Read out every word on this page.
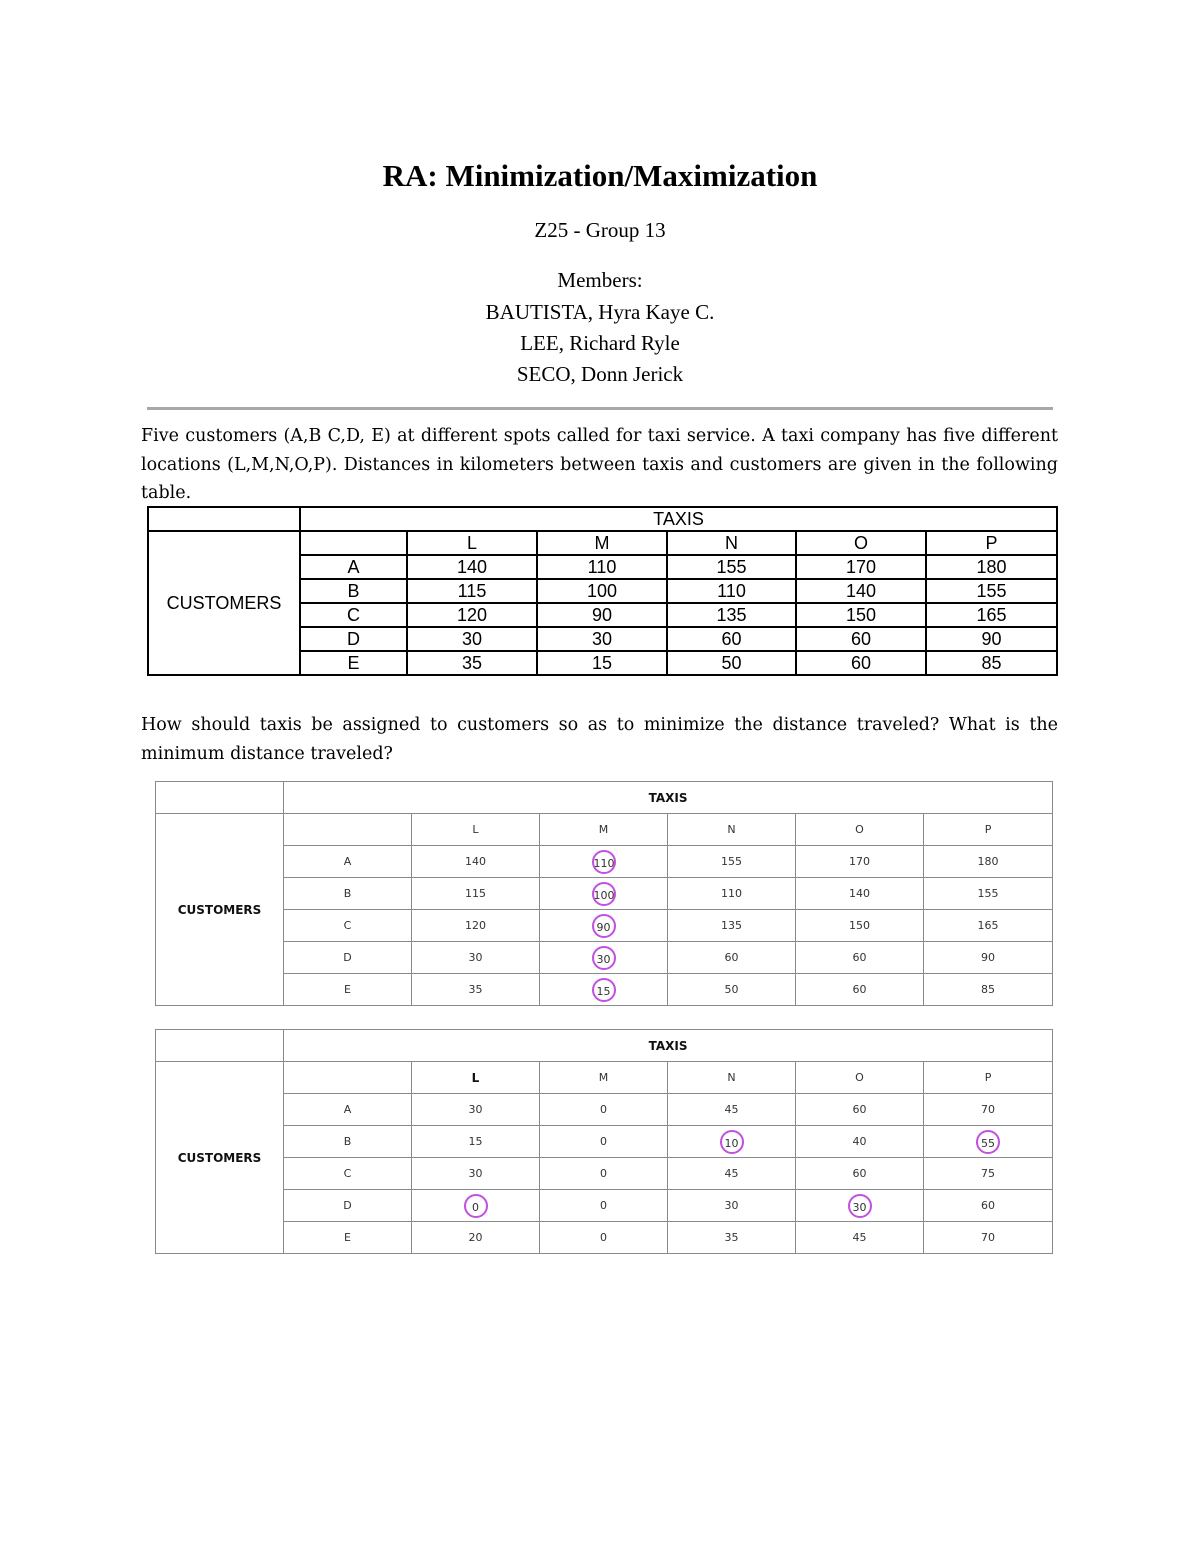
RA: Minimization/Maximization
Z25 - Group 13
Members:
BAUTISTA, Hyra Kaye C.
LEE, Richard Ryle
SECO, Donn Jerick

Five customers (A,B C,D, E) at different spots called for taxi service. A taxi company has five different locations (L,M,N,O,P). Distances in kilometers between taxis and customers are given in the following table.

	TAXIS					
CUSTOMERS		L	M	N	O	P
	A	140	110	155	170	180
	B	115	100	110	140	155
	C	120	90	135	150	165
	D	30	30	60	60	90
	E	35	15	50	60	85

How should taxis be assigned to customers so as to minimize the distance traveled? What is the minimum distance traveled?

	TAXIS					
CUSTOMERS		L	M	N	O	P
	A	140	110	155	170	180
	B	115	100	110	140	155
	C	120	90	135	150	165
	D	30	30	60	60	90
	E	35	15	50	60	85
	TAXIS					
CUSTOMERS		L	M	N	O	P
	A	30	0	45	60	70
	B	15	0	10	40	55
	C	30	0	45	60	75
	D	0	0	30	30	60
	E	20	0	35	45	70
